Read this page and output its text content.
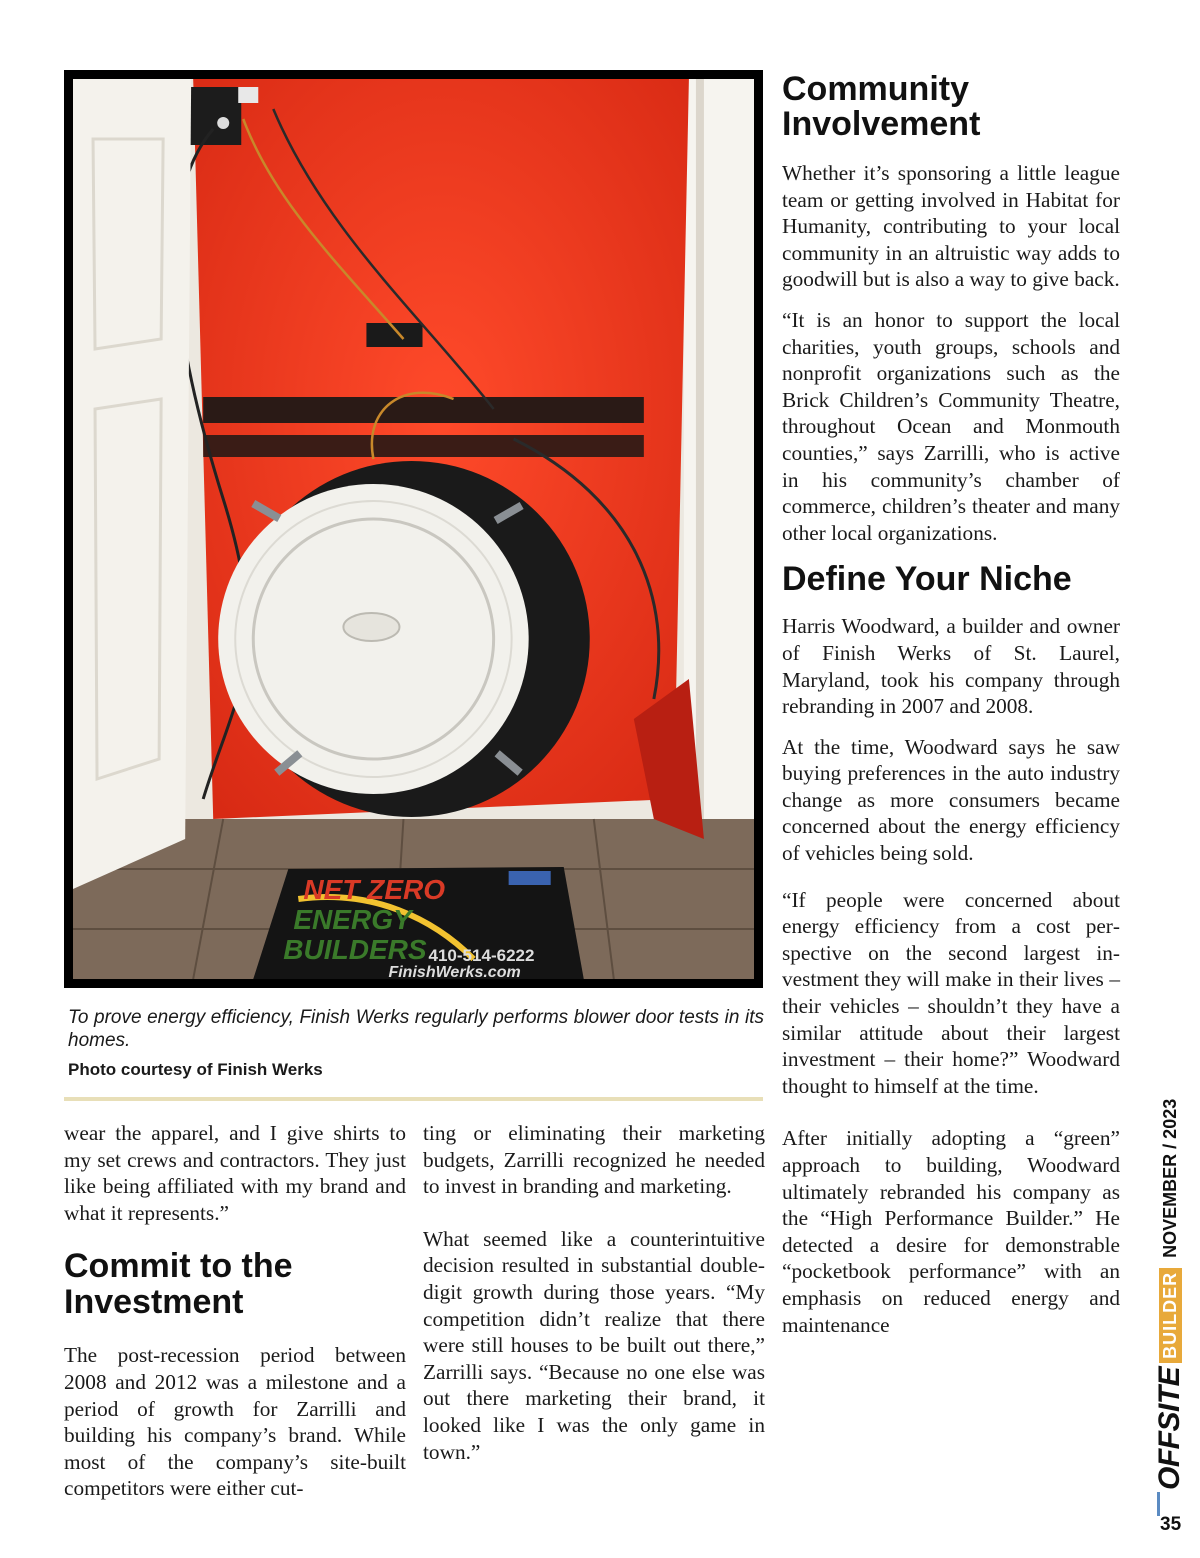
NET ZERO
ENERGY
BUILDERS 410-514-6222
FinishWerks.com

To prove energy efficiency, Finish Werks regularly performs blower door tests in its homes.

Photo courtesy of Finish Werks

wear the apparel, and I give shirts to my set crews and contractors. They just like being affiliated with my brand and what it represents.”

Commit to the Investment

The post-recession period between 2008 and 2012 was a milestone and a period of growth for Zarrilli and building his company’s brand. While most of the company’s site-built competitors were either cut-

ting or eliminating their marketing budgets, Zarrilli recognized he needed to invest in branding and marketing.

What seemed like a counterintuitive decision resulted in substantial double-digit growth during those years. “My competition didn’t realize that there were still houses to be built out there,” Zarrilli says. “Because no one else was out there marketing their brand, it looked like I was the only game in town.”

Community Involvement

Whether it’s sponsoring a little league team or getting involved in Habitat for Humanity, contributing to your local community in an altruistic way adds to goodwill but is also a way to give back.

“It is an honor to support the local charities, youth groups, schools and nonprofit organizations such as the Brick Children’s Community Theatre, throughout Ocean and Monmouth counties,” says Zarrilli, who is active in his community’s chamber of commerce, children’s theater and many other local organizations.

Define Your Niche

Harris Woodward, a builder and owner of Finish Werks of St. Laurel, Maryland, took his company through rebranding in 2007 and 2008.

At the time, Woodward says he saw buying preferences in the auto industry change as more consumers became concerned about the energy efficiency of vehicles being sold.

“If people were concerned about energy efficiency from a cost perspective on the second largest investment they will make in their lives – their vehicles – shouldn’t they have a similar attitude about their largest investment – their home?” Woodward thought to himself at the time.

After initially adopting a “green” approach to building, Woodward ultimately rebranded his company as the “High Performance Builder.” He detected a desire for demonstrable “pocketbook performance” with an emphasis on reduced energy and maintenance

OFFSITE
BUILDER
NOVEMBER / 2023
35
